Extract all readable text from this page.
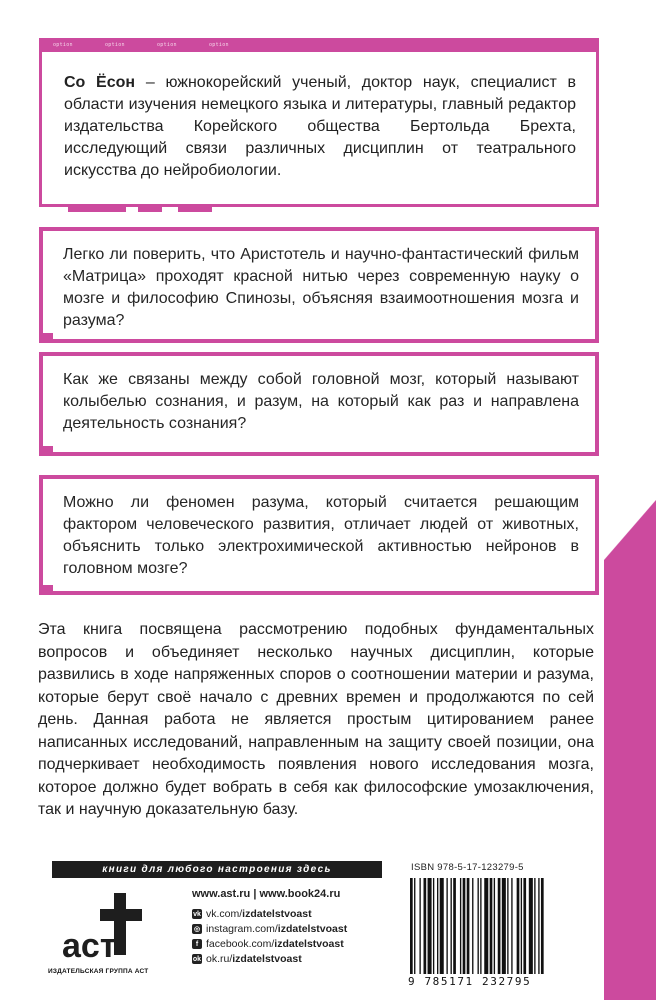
option	option	option	option

Со Ёсон – южнокорейский ученый, доктор наук, специалист в области изучения немецкого языка и литературы, главный редактор издательства Корейского общества Бертольда Брехта, исследующий связи различных дисциплин от театрального искусства до нейробиологии.

Легко ли поверить, что Аристотель и научно-фантастический фильм «Матрица» проходят красной нитью через современную науку о мозге и философию Спинозы, объясняя взаимоотношения мозга и разума?

Как же связаны между собой головной мозг, который называют колыбелью сознания, и разум, на который как раз и направлена деятельность сознания?

Можно ли феномен разума, который считается решающим фактором человеческого развития, отличает людей от животных, объяснить только электрохимической активностью нейронов в головном мозге?

Эта книга посвящена рассмотрению подобных фундаментальных вопросов и объединяет несколько научных дисциплин, которые развились в ходе напряженных споров о соотношении материи и разума, которые берут своё начало с древних времен и продолжаются по сей день. Данная работа не является простым цитированием ранее написанных исследований, направленным на защиту своей позиции, она подчеркивает необходимость появления нового исследования мозга, которое должно будет вобрать в себя как философские умозаключения, так и научную доказательную базу.

книги для любого настроения здесь
аст
ИЗДАТЕЛЬСКАЯ ГРУППА АСТ
www.ast.ru | www.book24.ru
vk vk.com/izdatelstvoast
◎ instagram.com/izdatelstvoast
f facebook.com/izdatelstvoast
ok ok.ru/izdatelstvoast
ISBN 978-5-17-123279-5
9 785171 232795
